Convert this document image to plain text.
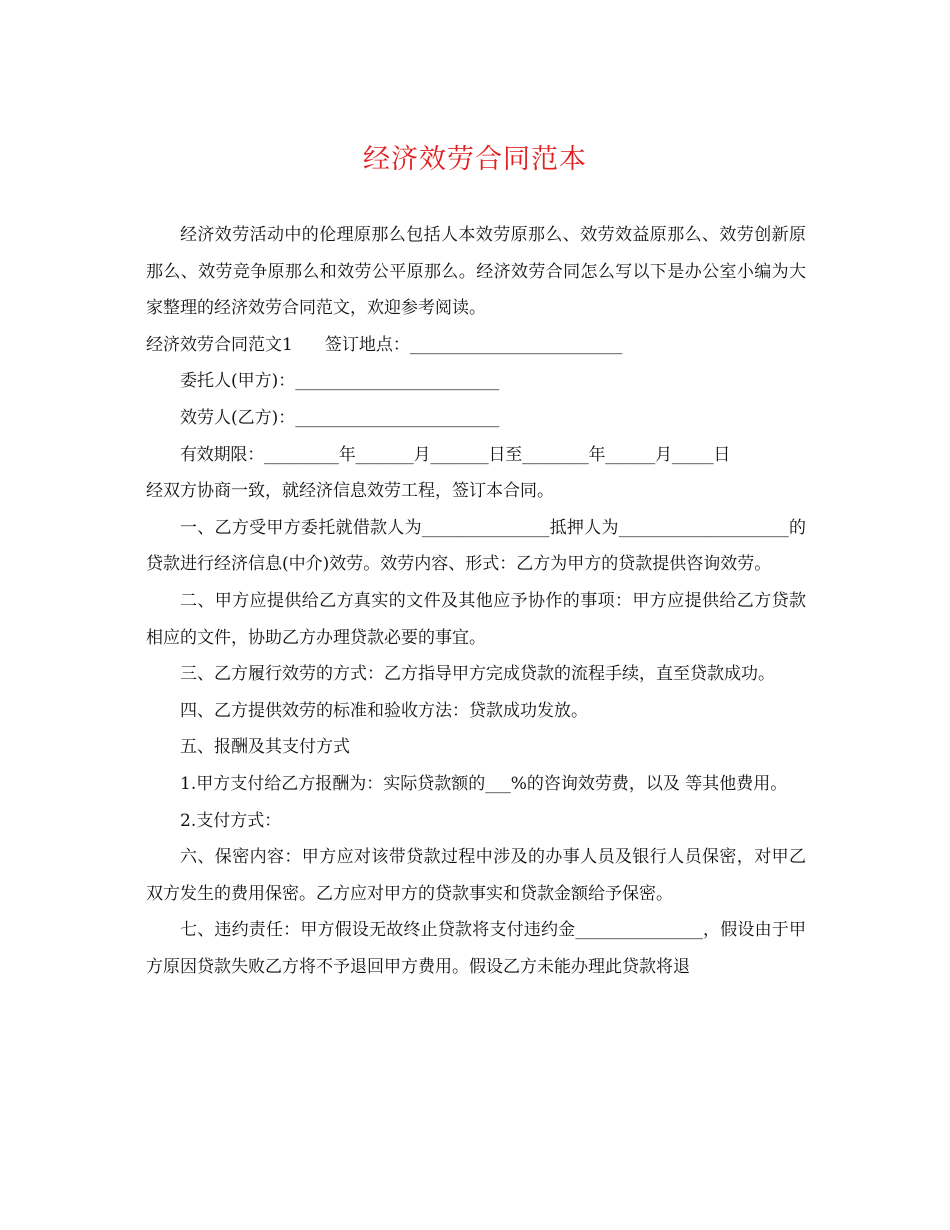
经济效劳合同范本

经济效劳活动中的伦理原那么包括人本效劳原那么、效劳效益原那么、效劳创新原那么、效劳竞争原那么和效劳公平原那么。经济效劳合同怎么写以下是办公室小编为大家整理的经济效劳合同范文，欢迎参考阅读。

经济效劳合同范文1 签订地点：_________________________

委托人(甲方)：________________________

效劳人(乙方)：________________________

有效期限：_________年_______月_______日至________年______月_____日

经双方协商一致，就经济信息效劳工程，签订本合同。

一、乙方受甲方委托就借款人为_______________抵押人为____________________的贷款进行经济信息(中介)效劳。效劳内容、形式：乙方为甲方的贷款提供咨询效劳。

二、甲方应提供给乙方真实的文件及其他应予协作的事项：甲方应提供给乙方贷款相应的文件，协助乙方办理贷款必要的事宜。

三、乙方履行效劳的方式：乙方指导甲方完成贷款的流程手续，直至贷款成功。

四、乙方提供效劳的标准和验收方法：贷款成功发放。

五、报酬及其支付方式

1.甲方支付给乙方报酬为：实际贷款额的___%的咨询效劳费，以及 等其他费用。

2.支付方式：

六、保密内容：甲方应对该带贷款过程中涉及的办事人员及银行人员保密，对甲乙双方发生的费用保密。乙方应对甲方的贷款事实和贷款金额给予保密。

七、违约责任：甲方假设无故终止贷款将支付违约金_______________，假设由于甲方原因贷款失败乙方将不予退回甲方费用。假设乙方未能办理此贷款将退
